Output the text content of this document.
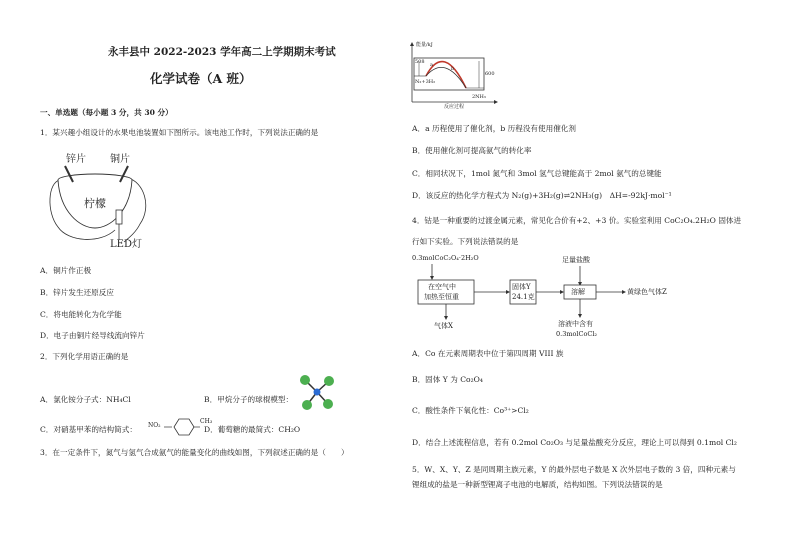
永丰县中 2022-2023 学年高二上学期期末考试
化学试卷（A 班）
一、单选题（每小题 3 分，共 30 分）
1．某兴趣小组设计的水果电池装置如下图所示。该电池工作时，下列说法正确的是
锌片 铜片
柠檬
LED灯
A．铜片作正极
B．锌片发生还原反应
C．将电能转化为化学能
D．电子由铜片经导线流向锌片
2．下列化学用语正确的是
A．氯化铵分子式：NH₄Cl	B．甲烷分子的球棍模型：
C．对硝基甲苯的结构简式： NO₂
CH₃
D．葡萄糖的最简式：CH₂O
3．在一定条件下，氮气与氢气合成氨气的能量变化的曲线如图，下列叙述正确的是（　　）
能量/kJ
508
600
a
b
N₂+3H₂
2NH₃
反应过程
A．a 历程使用了催化剂，b 历程没有使用催化剂
B．使用催化剂可提高氨气的转化率
C．相同状况下，1mol 氮气和 3mol 氢气总键能高于 2mol 氨气的总键能
D．该反应的热化学方程式为 N₂(g)+3H₂(g)⇌2NH₃(g)　ΔH=-92kJ·mol⁻¹
4．钴是一种重要的过渡金属元素，常见化合价有+2、+3 价。实验室利用 CoC₂O₄.2H₂O 固体进
行如下实验。下列说法错误的是
0.3molCoC₂O₄·2H₂O
在空气中
加热至恒重
固体Y
24.1克
足量盐酸
溶解	黄绿色气体Z
气体X	溶液中含有
0.3molCoCl₂
A．Co 在元素周期表中位于第四周期 VIII 族
B．固体 Y 为 Co₂O₄
C．酸性条件下氧化性：Co³⁺>Cl₂
D．结合上述流程信息，若有 0.2mol Co₂O₃ 与足量盐酸充分反应，理论上可以得到 0.1mol Cl₂
5．W、X、Y、Z 是同周期主族元素，Y 的最外层电子数是 X 次外层电子数的 3 倍，四种元素与
锂组成的盐是一种新型锂离子电池的电解质，结构如图。下列说法错误的是
